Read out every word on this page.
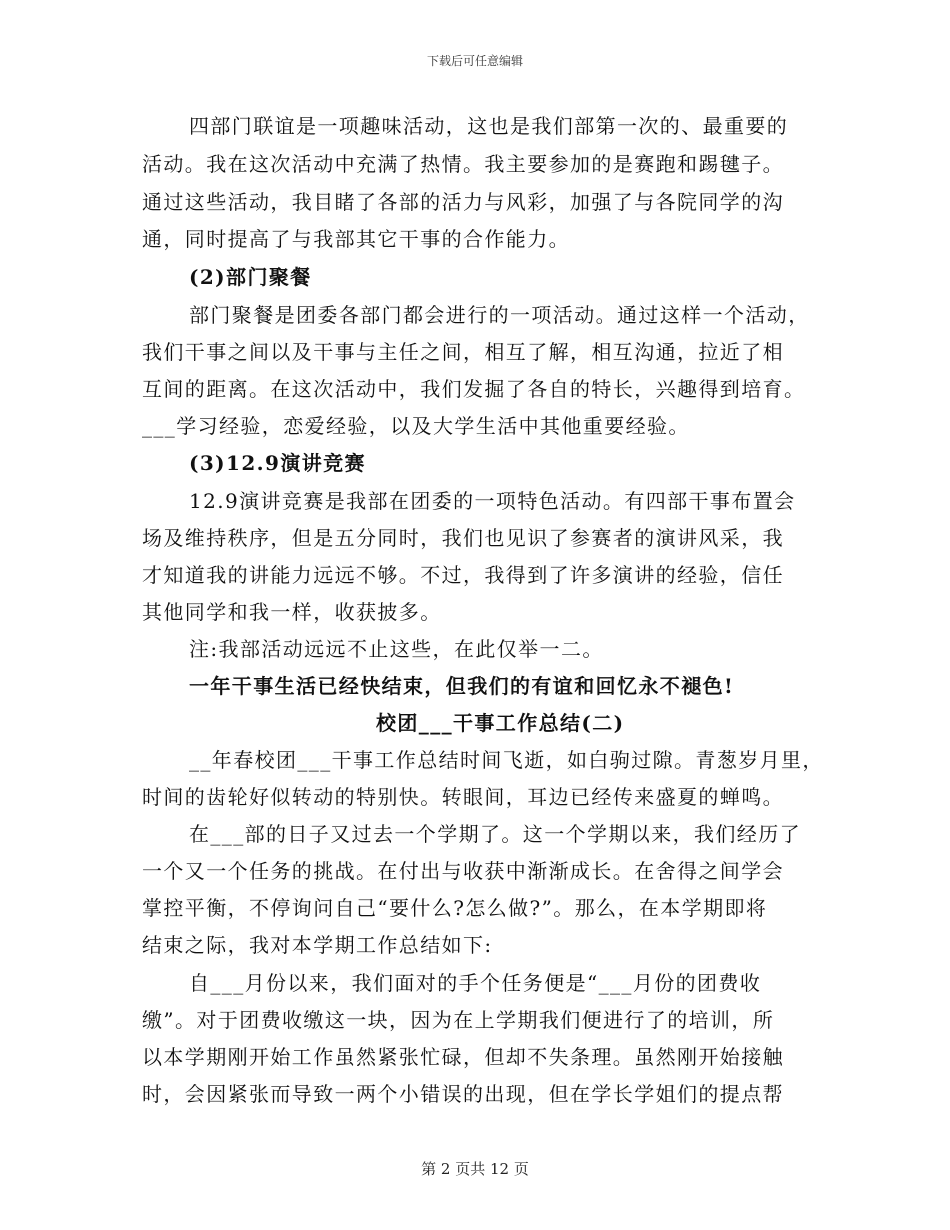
下载后可任意编辑
四部门联谊是一项趣味活动，这也是我们部第一次的、最重要的
活动。我在这次活动中充满了热情。我主要参加的是赛跑和踢毽子。
通过这些活动，我目睹了各部的活力与风彩，加强了与各院同学的沟
通，同时提高了与我部其它干事的合作能力。
(2)部门聚餐
部门聚餐是团委各部门都会进行的一项活动。通过这样一个活动，
我们干事之间以及干事与主任之间，相互了解，相互沟通，拉近了相
互间的距离。在这次活动中，我们发掘了各自的特长，兴趣得到培育。
___学习经验，恋爱经验，以及大学生活中其他重要经验。
(3)12.9演讲竞赛
12.9演讲竞赛是我部在团委的一项特色活动。有四部干事布置会
场及维持秩序，但是五分同时，我们也见识了参赛者的演讲风采，我
才知道我的讲能力远远不够。不过，我得到了许多演讲的经验，信任
其他同学和我一样，收获披多。
注:我部活动远远不止这些，在此仅举一二。
一年干事生活已经快结束，但我们的有谊和回忆永不褪色!
校团___干事工作总结(二)
__年春校团___干事工作总结时间飞逝，如白驹过隙。青葱岁月里，
时间的齿轮好似转动的特别快。转眼间，耳边已经传来盛夏的蝉鸣。
在___部的日子又过去一个学期了。这一个学期以来，我们经历了
一个又一个任务的挑战。在付出与收获中渐渐成长。在舍得之间学会
掌控平衡，不停询问自己“要什么?怎么做?”。那么，在本学期即将
结束之际，我对本学期工作总结如下:
自___月份以来，我们面对的手个任务便是“___月份的团费收
缴”。对于团费收缴这一块，因为在上学期我们便进行了的培训，所
以本学期刚开始工作虽然紧张忙碌，但却不失条理。虽然刚开始接触
时，会因紧张而导致一两个小错误的出现，但在学长学姐们的提点帮
第 2 页共 12 页
